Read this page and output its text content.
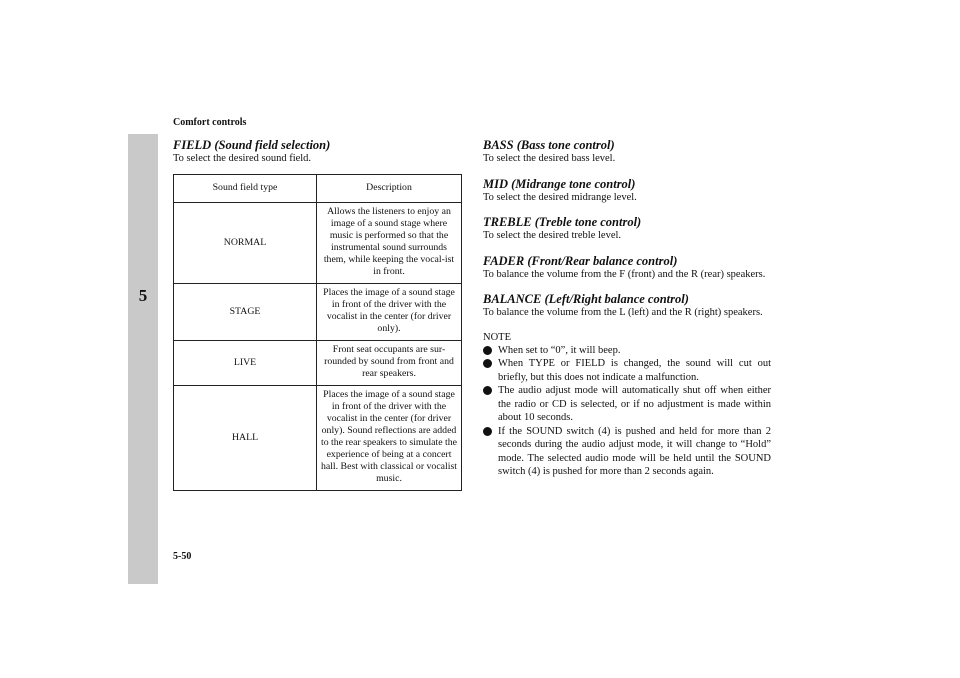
Comfort controls
5
FIELD (Sound field selection)

To select the desired sound field.

Sound field type	Description
NORMAL	Allows the listeners to enjoy an image of a sound stage where music is performed so that the instrumental sound surrounds them, while keeping the vocal-ist in front.
STAGE	Places the image of a sound stage in front of the driver with the vocalist in the center (for driver only).
LIVE	Front seat occupants are sur-rounded by sound from front and rear speakers.
HALL	Places the image of a sound stage in front of the driver with the vocalist in the center (for driver only). Sound reflections are added to the rear speakers to simulate the experience of being at a concert hall. Best with classical or vocalist music.
BASS (Bass tone control)

To select the desired bass level.

MID (Midrange tone control)

To select the desired midrange level.

TREBLE (Treble tone control)

To select the desired treble level.

FADER (Front/Rear balance control)

To balance the volume from the F (front) and the R (rear) speakers.

BALANCE (Left/Right balance control)

To balance the volume from the L (left) and the R (right) speakers.

NOTE
When set to “0”, it will beep.
When TYPE or FIELD is changed, the sound will cut out briefly, but this does not indicate a malfunction.
The audio adjust mode will automatically shut off when either the radio or CD is selected, or if no adjustment is made within about 10 seconds.
If the SOUND switch (4) is pushed and held for more than 2 seconds during the audio adjust mode, it will change to “Hold” mode. The selected audio mode will be held until the SOUND switch (4) is pushed for more than 2 seconds again.
5-50
